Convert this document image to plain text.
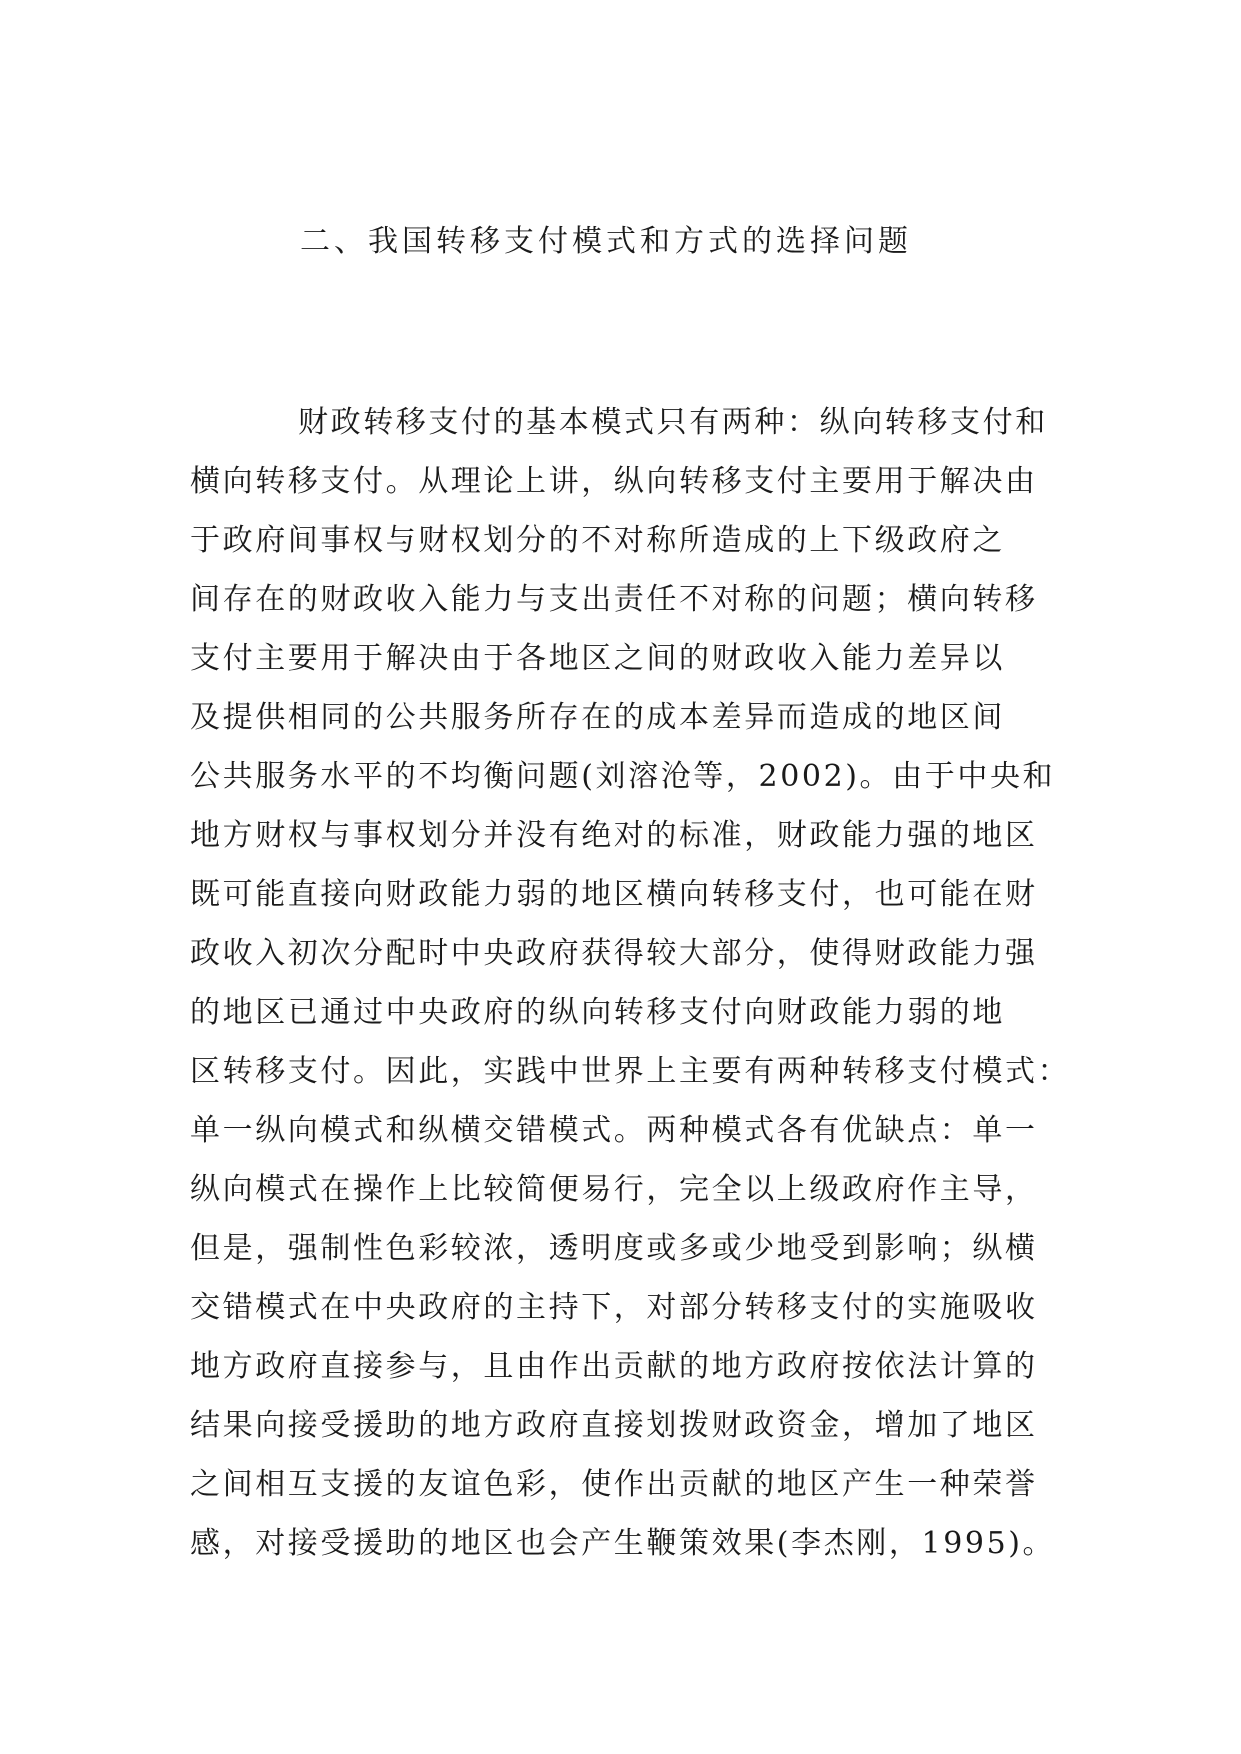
二、我国转移支付模式和方式的选择问题
财政转移支付的基本模式只有两种：纵向转移支付和
横向转移支付。从理论上讲，纵向转移支付主要用于解决由
于政府间事权与财权划分的不对称所造成的上下级政府之
间存在的财政收入能力与支出责任不对称的问题；横向转移
支付主要用于解决由于各地区之间的财政收入能力差异以
及提供相同的公共服务所存在的成本差异而造成的地区间
公共服务水平的不均衡问题(刘溶沧等，2002)。由于中央和
地方财权与事权划分并没有绝对的标准，财政能力强的地区
既可能直接向财政能力弱的地区横向转移支付，也可能在财
政收入初次分配时中央政府获得较大部分，使得财政能力强
的地区已通过中央政府的纵向转移支付向财政能力弱的地
区转移支付。因此，实践中世界上主要有两种转移支付模式：
单一纵向模式和纵横交错模式。两种模式各有优缺点：单一
纵向模式在操作上比较简便易行，完全以上级政府作主导，
但是，强制性色彩较浓，透明度或多或少地受到影响；纵横
交错模式在中央政府的主持下，对部分转移支付的实施吸收
地方政府直接参与，且由作出贡献的地方政府按依法计算的
结果向接受援助的地方政府直接划拨财政资金，增加了地区
之间相互支援的友谊色彩，使作出贡献的地区产生一种荣誉
感，对接受援助的地区也会产生鞭策效果(李杰刚，1995)。
